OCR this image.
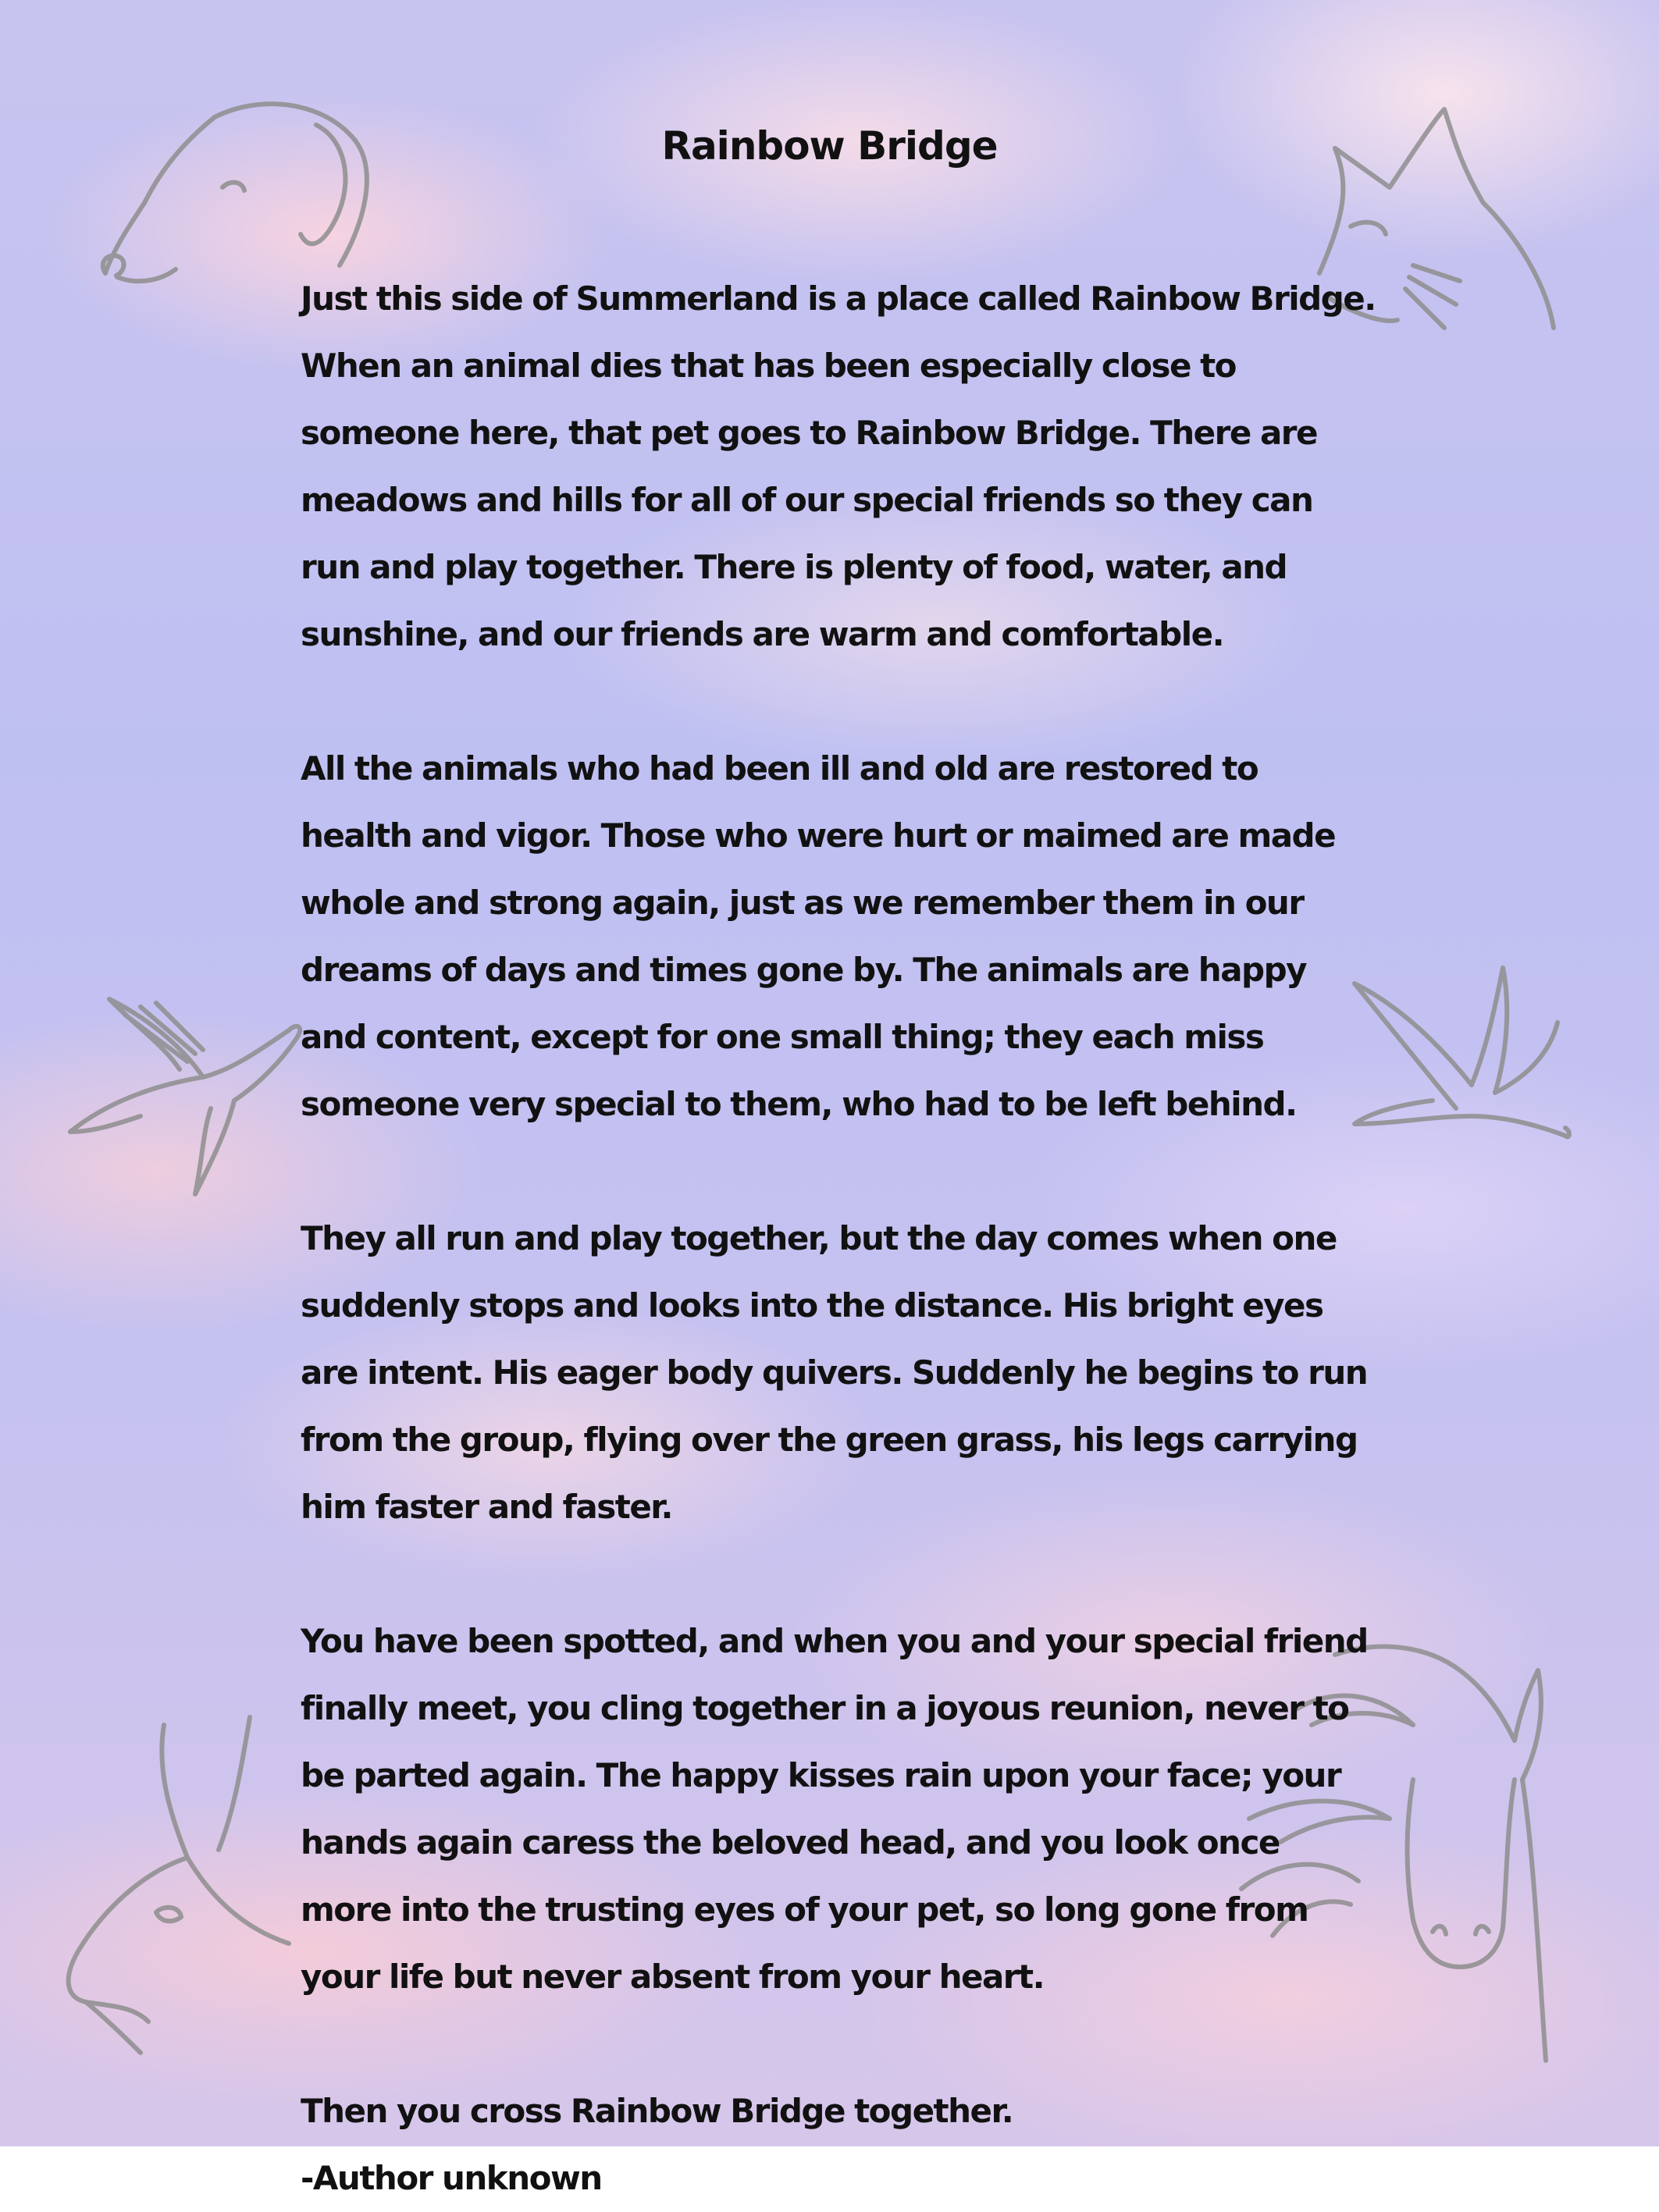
Rainbow Bridge

Just this side of Summerland is a place called Rainbow Bridge. When an animal dies that has been especially close to someone here, that pet goes to Rainbow Bridge. There are meadows and hills for all of our special friends so they can run and play together. There is plenty of food, water, and sunshine, and our friends are warm and comfortable.

All the animals who had been ill and old are restored to health and vigor. Those who were hurt or maimed are made whole and strong again, just as we remember them in our dreams of days and times gone by. The animals are happy and content, except for one small thing; they each miss someone very special to them, who had to be left behind.

They all run and play together, but the day comes when one suddenly stops and looks into the distance. His bright eyes are intent. His eager body quivers. Suddenly he begins to run from the group, flying over the green grass, his legs carrying him faster and faster.

You have been spotted, and when you and your special friend finally meet, you cling together in a joyous reunion, never to be parted again. The happy kisses rain upon your face; your hands again caress the beloved head, and you look once more into the trusting eyes of your pet, so long gone from your life but never absent from your heart.

Then you cross Rainbow Bridge together.

-Author unknown
